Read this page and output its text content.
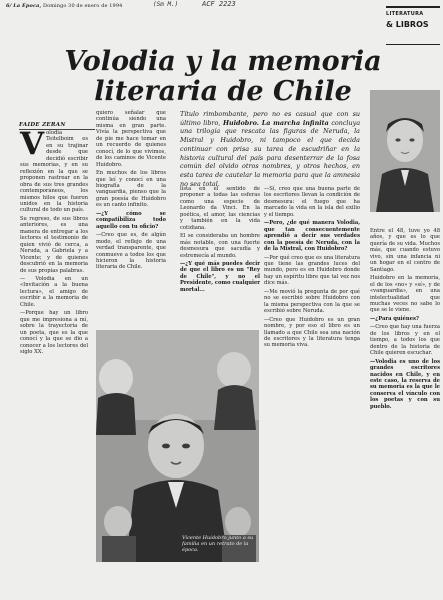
6/ La Época, Domingo 30 de enero de 1994	(Sm M.)	ACF 2223
LITERATURA
& LIBROS
Volodia y la memoria
literaria de Chile
FAIDE ZERAN
Título rimbombante, pero no es casual que con su último libro, Huidobro. La marcha infinita concluya una trilogía que rescata las figuras de Neruda, la Mistral y Huidobro, ni tampoco el que decida continuar con prisa su tarea de escudriñar en la historia cultural del país para desenterrar de la fosa común del olvido otros nombres, y otros hechos, en esta tarea de cautelar la memoria para que la amnesia no sea total.

Volodia Teitelboim es en su trajinar desde que decidió escribir sus memorias, y en su reflexión en la que se proponen rastrear en la obra de sus tres grandes contemporáneos, los mismos hilos que fueron unidos en la historia cultural de todo un país.

Su regreso, de sus libros anteriores, es una manera de entregar a los lectores el testimonio de quien vivió de cerca, a Neruda, a Gabriela y a Vicente; y de quienes descubrió en la memoria de sus propias palabras.

— Volodia en un «Invitación a la buena lectura», el amigo de escribir a la memoria de Chile.

—Porque hay un libro que me impresiona a mí, sobre la trayectoria de un poeta, que es la que conocí y la que se dio a conocer a los lectores del siglo XX.

quiero señalar que continúa siendo una misma en gran parte. Vivía la perspectiva que de pie me hace tomar en un recuerdo de quienes conocí, de lo que vivimos, de los caminos de Vicente Huidobro.

En muchos de los libros que leí y conocí en una biografía de la vanguardia, pienso que la gran poesía de Huidobro es un canto infinito.

—¿Y cómo se compatibiliza todo aquello con tu oficio?

—Creo que es, de algún modo, el reflejo de una verdad transparente, que conmueve a todos los que hicieron la historia literaria de Chile.

Vicente Huidobro junto a su familia en un retrato de la época.

lista en el sentido de proponer a todas las esferas como una especie de Leonardo da Vinci. En la poética, el amor, las ciencias y también en la vida cotidiana.

El se consideraba un hombre más notable, con una fuerte desmesura que sacudía y estremecía al mundo.

—¿Y qué más puedes decir de que el libro es un "Rey de Chile", y no el Presidente, como cualquier mortal...

—Sí, creo que una buena parte de los escritores llevan la condición de desmesura: el fuego que ha marcado la vida en la isla del exilio y el tiempo.

—Pero, ¿de qué manera Volodia, que tan consecuentemente aprendió a decir sus verdades con la poesía de Neruda, con la de la Mistral, con Huidobro?

—Por qué creo que es una literatura que tiene las grandes luces del mundo, pero es en Huidobro donde hay un espíritu libre que tal vez nos dice más.

—Me movió la pregunta de por qué no se escribió sobre Huidobro con la misma perspectiva con la que se escribió sobre Neruda.

—Creo que Huidobro es un gran nombre, y por eso el libro es un llamado a que Chile sea una nación de escritores y la literatura tenga su memoria viva.

Entre el 48, tuve yo 48 años, y que es lo que quería de su vida. Muchos más, que cuando estuvo vivo, sin una infancia ni un hogar en el centro de Santiago.

Huidobro en la memoria, el de los «no» y «sí», y de «vanguardia», en una intelectualidad que muchas veces no sabe lo que se le viene.

—¿Para quiénes?

—Creo que hay una fuerza de los libros y en el tiempo, a todos los que dentro de la historia de Chile quieren escuchar.

—Volodia es uno de los grandes escritores nacidos en Chile, y en este caso, la reserva de su memoria es la que le conserva el vínculo con los poetas y con su pueblo.
